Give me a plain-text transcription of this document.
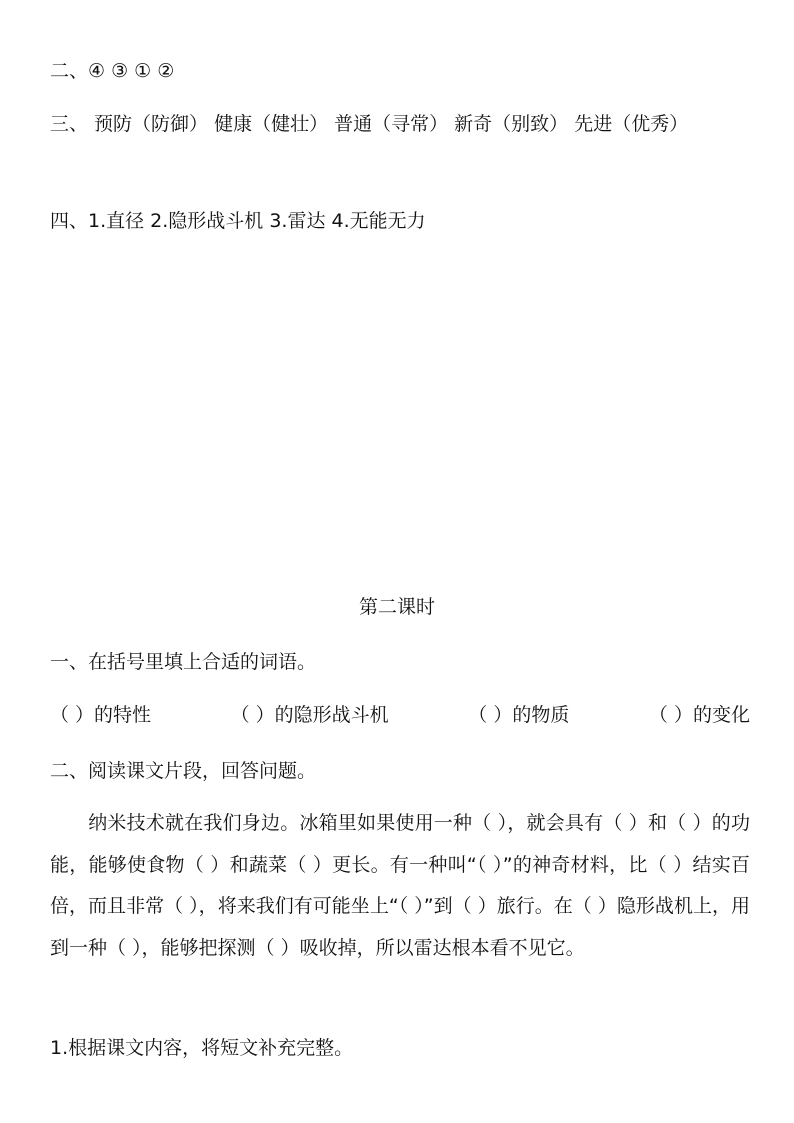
二、④ ③ ① ②
三、 预防（防御） 健康（健壮） 普通（寻常） 新奇（别致） 先进（优秀）
四、1.直径 2.隐形战斗机 3.雷达 4.无能无力
第二课时
一、在括号里填上合适的词语。
（ ）的特性	（ ）的隐形战斗机	（ ）的物质	（ ）的变化
二、阅读课文片段，回答问题。
纳米技术就在我们身边。冰箱里如果使用一种（ ），就会具有（ ）和（ ）的功能，能够使食物（ ）和蔬菜（ ）更长。有一种叫“（ ）”的神奇材料，比（ ）结实百倍，而且非常（ ），将来我们有可能坐上“（ ）”到（ ）旅行。在（ ）隐形战机上，用到一种（ ），能够把探测（ ）吸收掉，所以雷达根本看不见它。
1.根据课文内容，将短文补充完整。
